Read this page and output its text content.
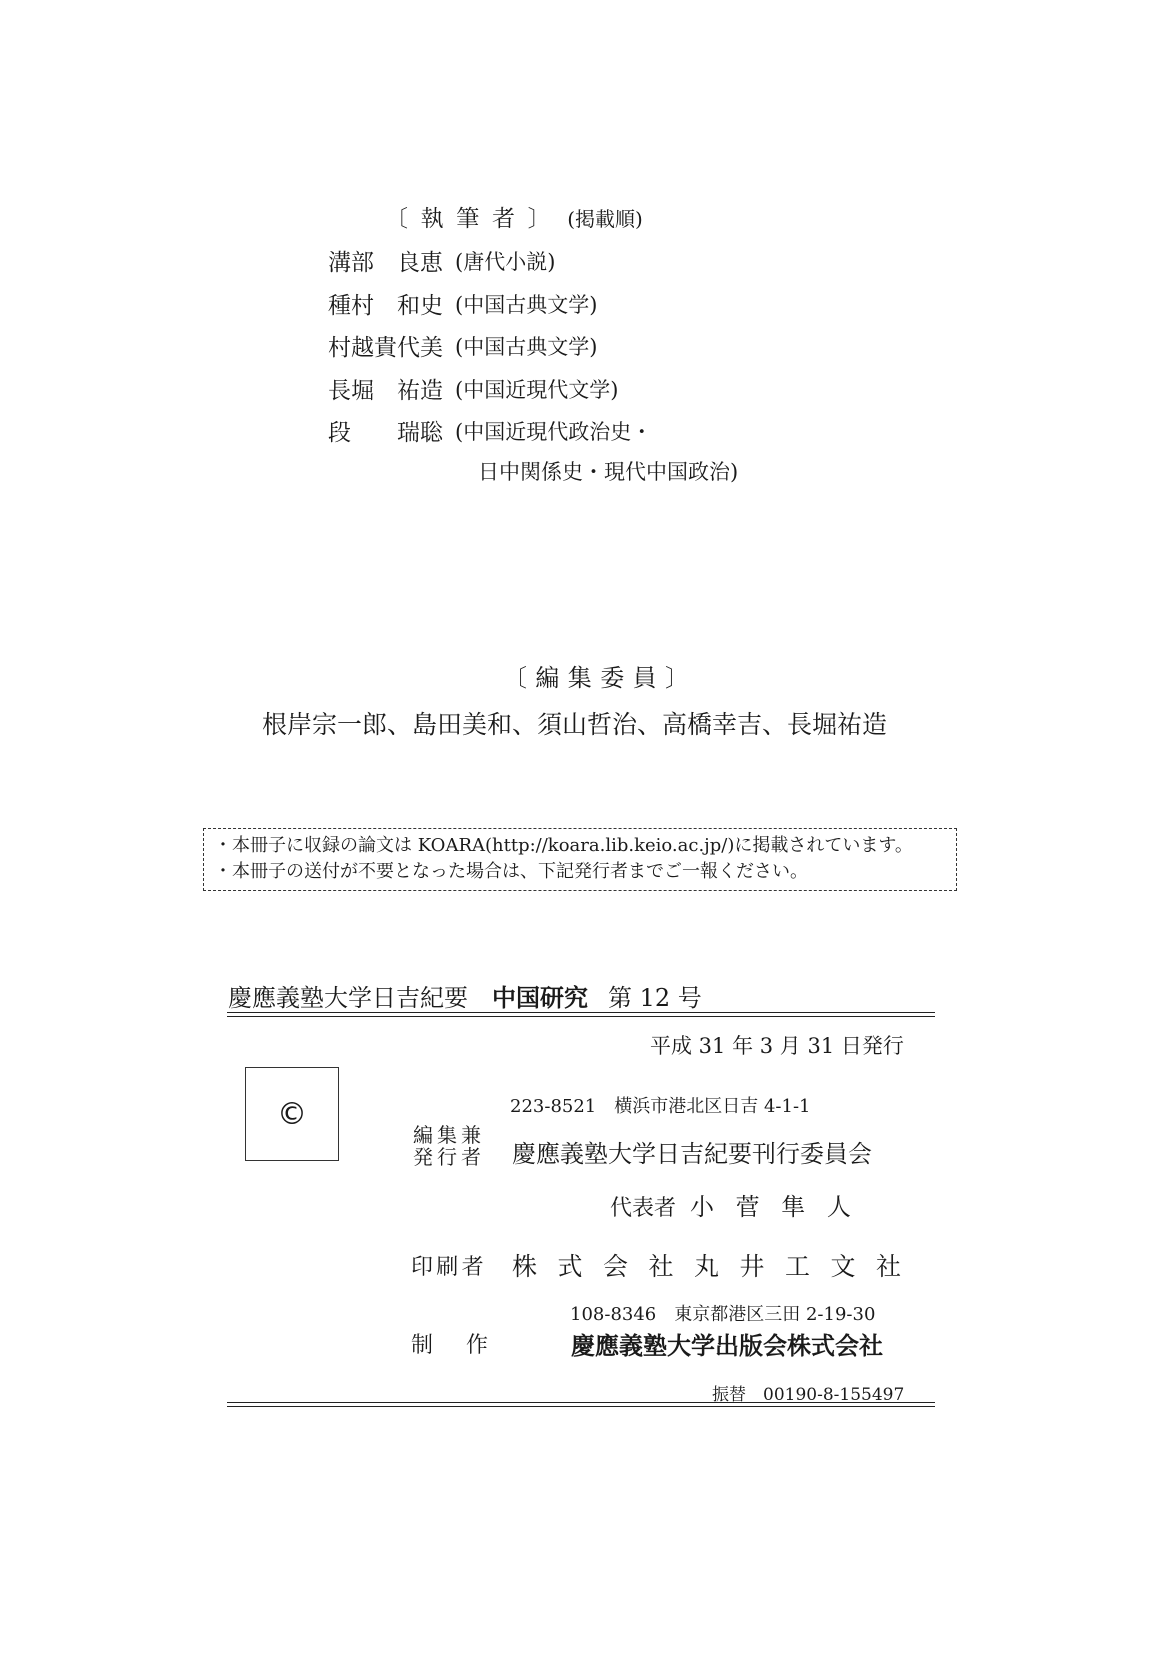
〔執筆者〕 (掲載順)
溝部　良恵 (唐代小説)
種村　和史 (中国古典文学)
村越貴代美 (中国古典文学)
長堀　祐造 (中国近現代文学)
段　　瑞聡 (中国近現代政治史・
日中関係史・現代中国政治)
〔編集委員〕
根岸宗一郎、島田美和、須山哲治、高橋幸吉、長堀祐造
・本冊子に収録の論文は KOARA(http://koara.lib.keio.ac.jp/)に掲載されています。
・本冊子の送付が不要となった場合は、下記発行者までご一報ください。
慶應義塾大学日吉紀要 中国研究 第 12 号
平成 31 年 3 月 31 日発行
©	223-8521　横浜市港北区日吉 4-1-1
編集兼
発行者 慶應義塾大学日吉紀要刊行委員会
代表者 小菅隼人
印刷者 株式会社丸井工文社
108-8346　東京都港区三田 2-19-30
制作 慶應義塾大学出版会株式会社
振替　00190-8-155497
